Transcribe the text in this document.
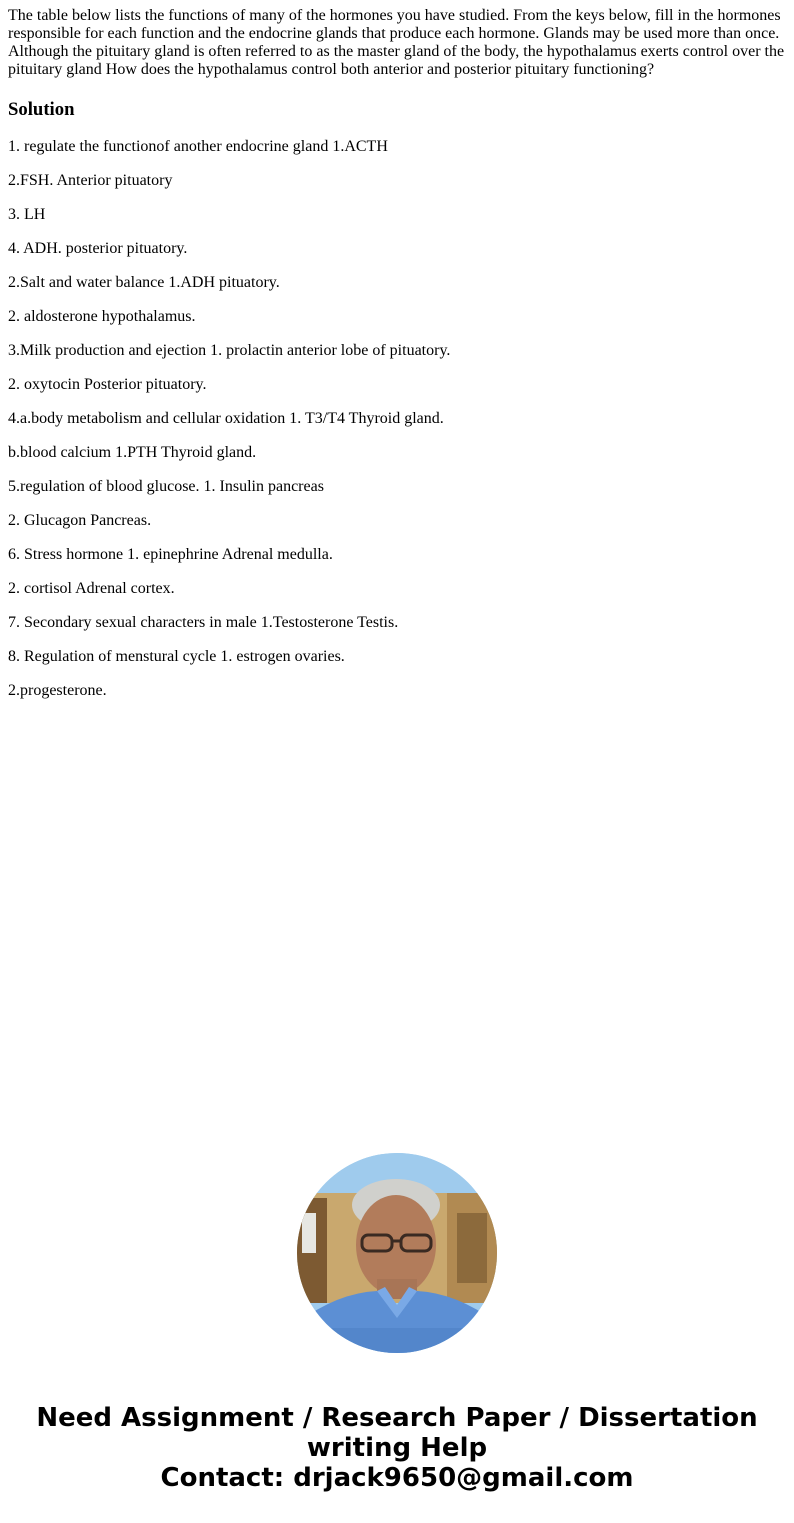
The table below lists the functions of many of the hormones you have studied. From the keys below, fill in the hormones responsible for each function and the endocrine glands that produce each hormone. Glands may be used more than once. Although the pituitary gland is often referred to as the master gland of the body, the hypothalamus exerts control over the pituitary gland How does the hypothalamus control both anterior and posterior pituitary functioning?

Solution

1. regulate the functionof another endocrine gland 1.ACTH

2.FSH. Anterior pituatory

3. LH

4. ADH. posterior pituatory.

2.Salt and water balance 1.ADH pituatory.

2. aldosterone hypothalamus.

3.Milk production and ejection 1. prolactin anterior lobe of pituatory.

2. oxytocin Posterior pituatory.

4.a.body metabolism and cellular oxidation 1. T3/T4 Thyroid gland.

b.blood calcium 1.PTH Thyroid gland.

5.regulation of blood glucose. 1. Insulin pancreas

2. Glucagon Pancreas.

6. Stress hormone 1. epinephrine Adrenal medulla.

2. cortisol Adrenal cortex.

7. Secondary sexual characters in male 1.Testosterone Testis.

8. Regulation of menstural cycle 1. estrogen ovaries.

2.progesterone.

Need Assignment / Research Paper / Dissertation
writing Help
Contact: drjack9650@gmail.com
